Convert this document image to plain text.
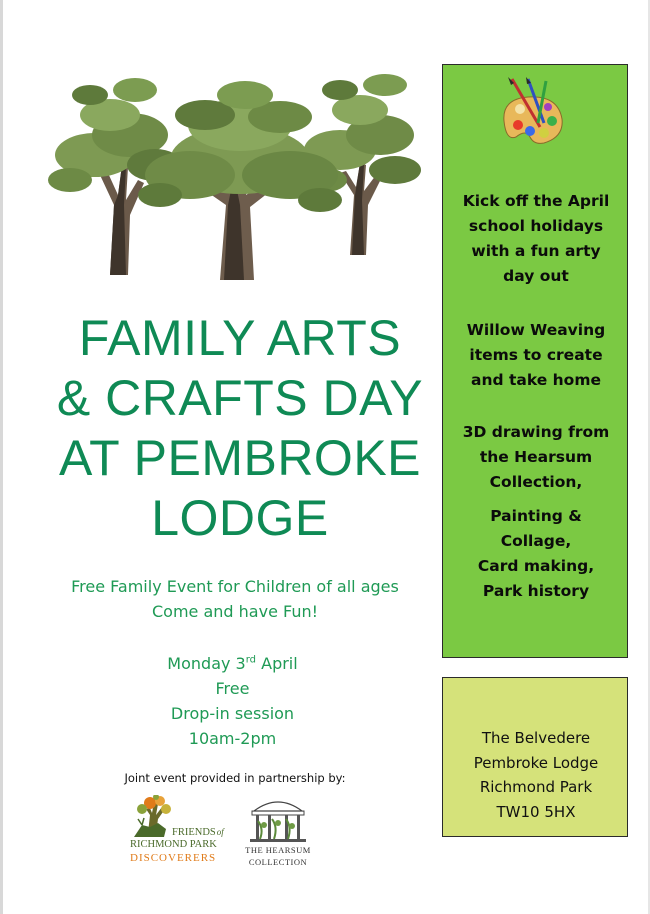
FAMILY ARTS
& CRAFTS DAY
AT PEMBROKE
LODGE
Free Family Event for Children of all ages
Come and have Fun!
Monday 3rd April
Free
Drop-in session
10am-2pm
Joint event provided in partnership by:
FRIENDSof
RICHMOND PARK
DISCOVERERS
THE HEARSUM
COLLECTION
Kick off the April
school holidays
with a fun arty
day out
Willow Weaving
items to create
and take home
3D drawing from
the Hearsum
Collection,
Painting &
Collage,
Card making,
Park history
The Belvedere
Pembroke Lodge
Richmond Park
TW10 5HX
